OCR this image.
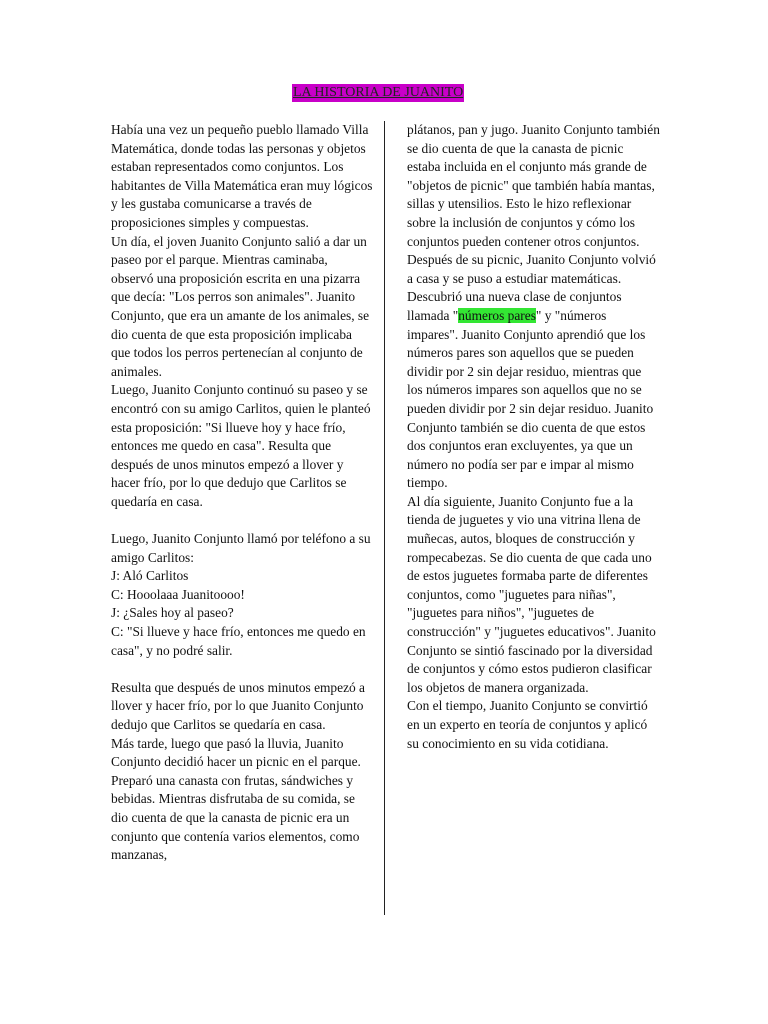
LA HISTORIA DE JUANITO

Había una vez un pequeño pueblo llamado Villa Matemática, donde todas las personas y objetos estaban representados como conjuntos. Los habitantes de Villa Matemática eran muy lógicos y les gustaba comunicarse a través de proposiciones simples y compuestas.

Un día, el joven Juanito Conjunto salió a dar un paseo por el parque. Mientras caminaba, observó una proposición escrita en una pizarra que decía: "Los perros son animales". Juanito Conjunto, que era un amante de los animales, se dio cuenta de que esta proposición implicaba que todos los perros pertenecían al conjunto de animales.

Luego, Juanito Conjunto continuó su paseo y se encontró con su amigo Carlitos, quien le planteó esta proposición: "Si llueve hoy y hace frío, entonces me quedo en casa". Resulta que después de unos minutos empezó a llover y hacer frío, por lo que dedujo que Carlitos se quedaría en casa.

Luego, Juanito Conjunto llamó por teléfono a su amigo Carlitos:

J: Aló Carlitos

C: Hooolaaa Juanitoooo!

J: ¿Sales hoy al paseo?

C: "Si llueve y hace frío, entonces me quedo en casa", y no podré salir.

Resulta que después de unos minutos empezó a llover y hacer frío, por lo que Juanito Conjunto dedujo que Carlitos se quedaría en casa.

Más tarde, luego que pasó la lluvia, Juanito Conjunto decidió hacer un picnic en el parque. Preparó una canasta con frutas, sándwiches y bebidas. Mientras disfrutaba de su comida, se dio cuenta de que la canasta de picnic era un conjunto que contenía varios elementos, como manzanas,

plátanos, pan y jugo. Juanito Conjunto también se dio cuenta de que la canasta de picnic estaba incluida en el conjunto más grande de "objetos de picnic" que también había mantas, sillas y utensilios. Esto le hizo reflexionar sobre la inclusión de conjuntos y cómo los conjuntos pueden contener otros conjuntos.

Después de su picnic, Juanito Conjunto volvió a casa y se puso a estudiar matemáticas. Descubrió una nueva clase de conjuntos llamada "números pares" y "números impares". Juanito Conjunto aprendió que los números pares son aquellos que se pueden dividir por 2 sin dejar residuo, mientras que los números impares son aquellos que no se pueden dividir por 2 sin dejar residuo. Juanito Conjunto también se dio cuenta de que estos dos conjuntos eran excluyentes, ya que un número no podía ser par e impar al mismo tiempo.

Al día siguiente, Juanito Conjunto fue a la tienda de juguetes y vio una vitrina llena de muñecas, autos, bloques de construcción y rompecabezas. Se dio cuenta de que cada uno de estos juguetes formaba parte de diferentes conjuntos, como "juguetes para niñas", "juguetes para niños", "juguetes de construcción" y "juguetes educativos". Juanito Conjunto se sintió fascinado por la diversidad de conjuntos y cómo estos pudieron clasificar los objetos de manera organizada.

Con el tiempo, Juanito Conjunto se convirtió en un experto en teoría de conjuntos y aplicó su conocimiento en su vida cotidiana.
